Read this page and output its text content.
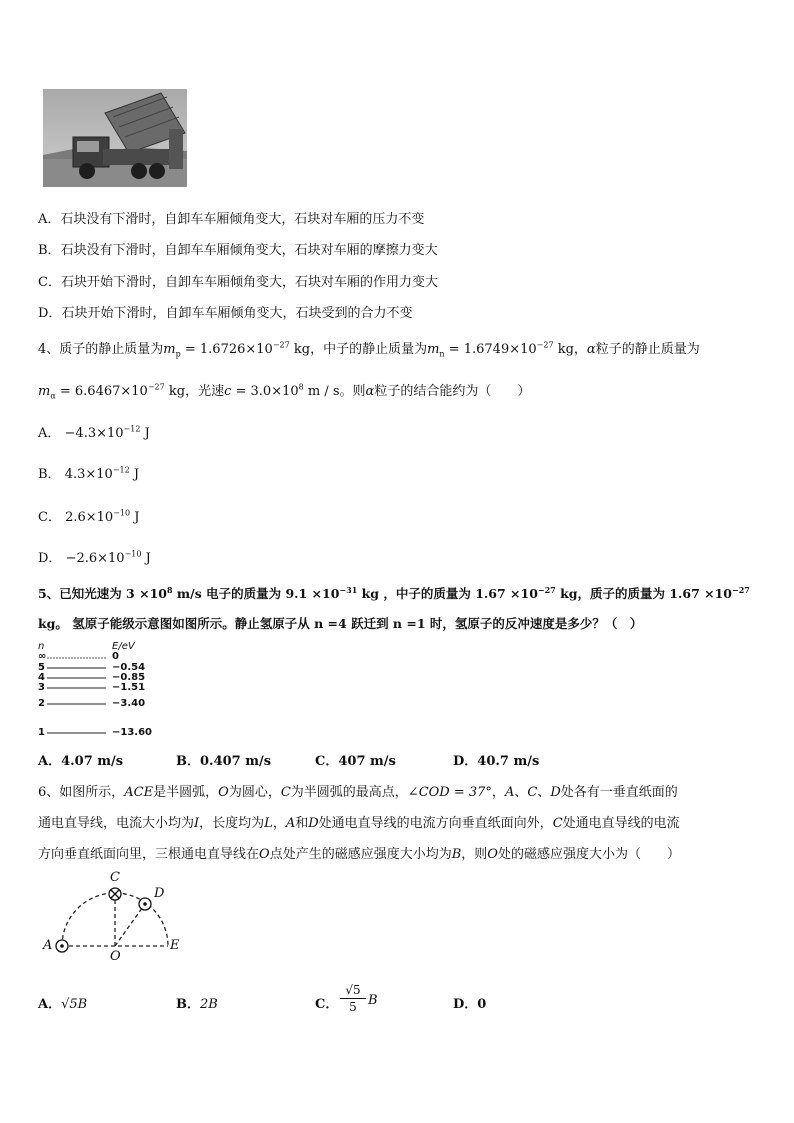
A．石块没有下滑时，自卸车车厢倾角变大，石块对车厢的压力不变
B．石块没有下滑时，自卸车车厢倾角变大，石块对车厢的摩擦力变大
C．石块开始下滑时，自卸车车厢倾角变大，石块对车厢的作用力变大
D．石块开始下滑时，自卸车车厢倾角变大，石块受到的合力不变
4、质子的静止质量为$m_p = 1.6726\times 10^{-27}$ kg，中子的静止质量为$m_n = 1.6749\times 10^{-27}$ kg，α粒子的静止质量为
$m_\alpha = 6.6467\times 10^{-27}$ kg，光速$c = 3.0\times 10^8$ m / s。则α粒子的结合能约为（　　）
A． $-4.3\times 10^{-12}$ J
B． $4.3\times 10^{-12}$ J
C． $2.6\times 10^{-10}$ J
D． $-2.6\times 10^{-10}$ J
5、已知光速为 $3 \times 10^8$ m/s 电子的质量为 $9.1 \times 10^{-31}$ kg ，中子的质量为 $1.67 \times 10^{-27}$ kg，质子的质量为 $1.67 \times 10^{-27}$
kg。 氢原子能级示意图如图所示。静止氢原子从 n =4 跃迁到 n =1 时，氢原子的反冲速度是多少？（　）
n	E/eV
∞	0
5	−0.54
4	−0.85
3	−1.51
2	−3.40
1	−13.60
A．4.07 m/s	B．0.407 m/s	C．407 m/s	D．40.7 m/s
6、如图所示，ACE是半圆弧，O为圆心，C为半圆弧的最高点，∠COD = 37°，A、C、D处各有一垂直纸面的
通电直导线，电流大小均为I，长度均为L，A和D处通电直导线的电流方向垂直纸面向外，C处通电直导线的电流
方向垂直纸面向里，三根通电直导线在O点处产生的磁感应强度大小均为B，则O处的磁感应强度大小为（　　）
A
C
D
O
E
A．√5B	B．2B	C． $\frac{√5}{5}$ B	D．0
